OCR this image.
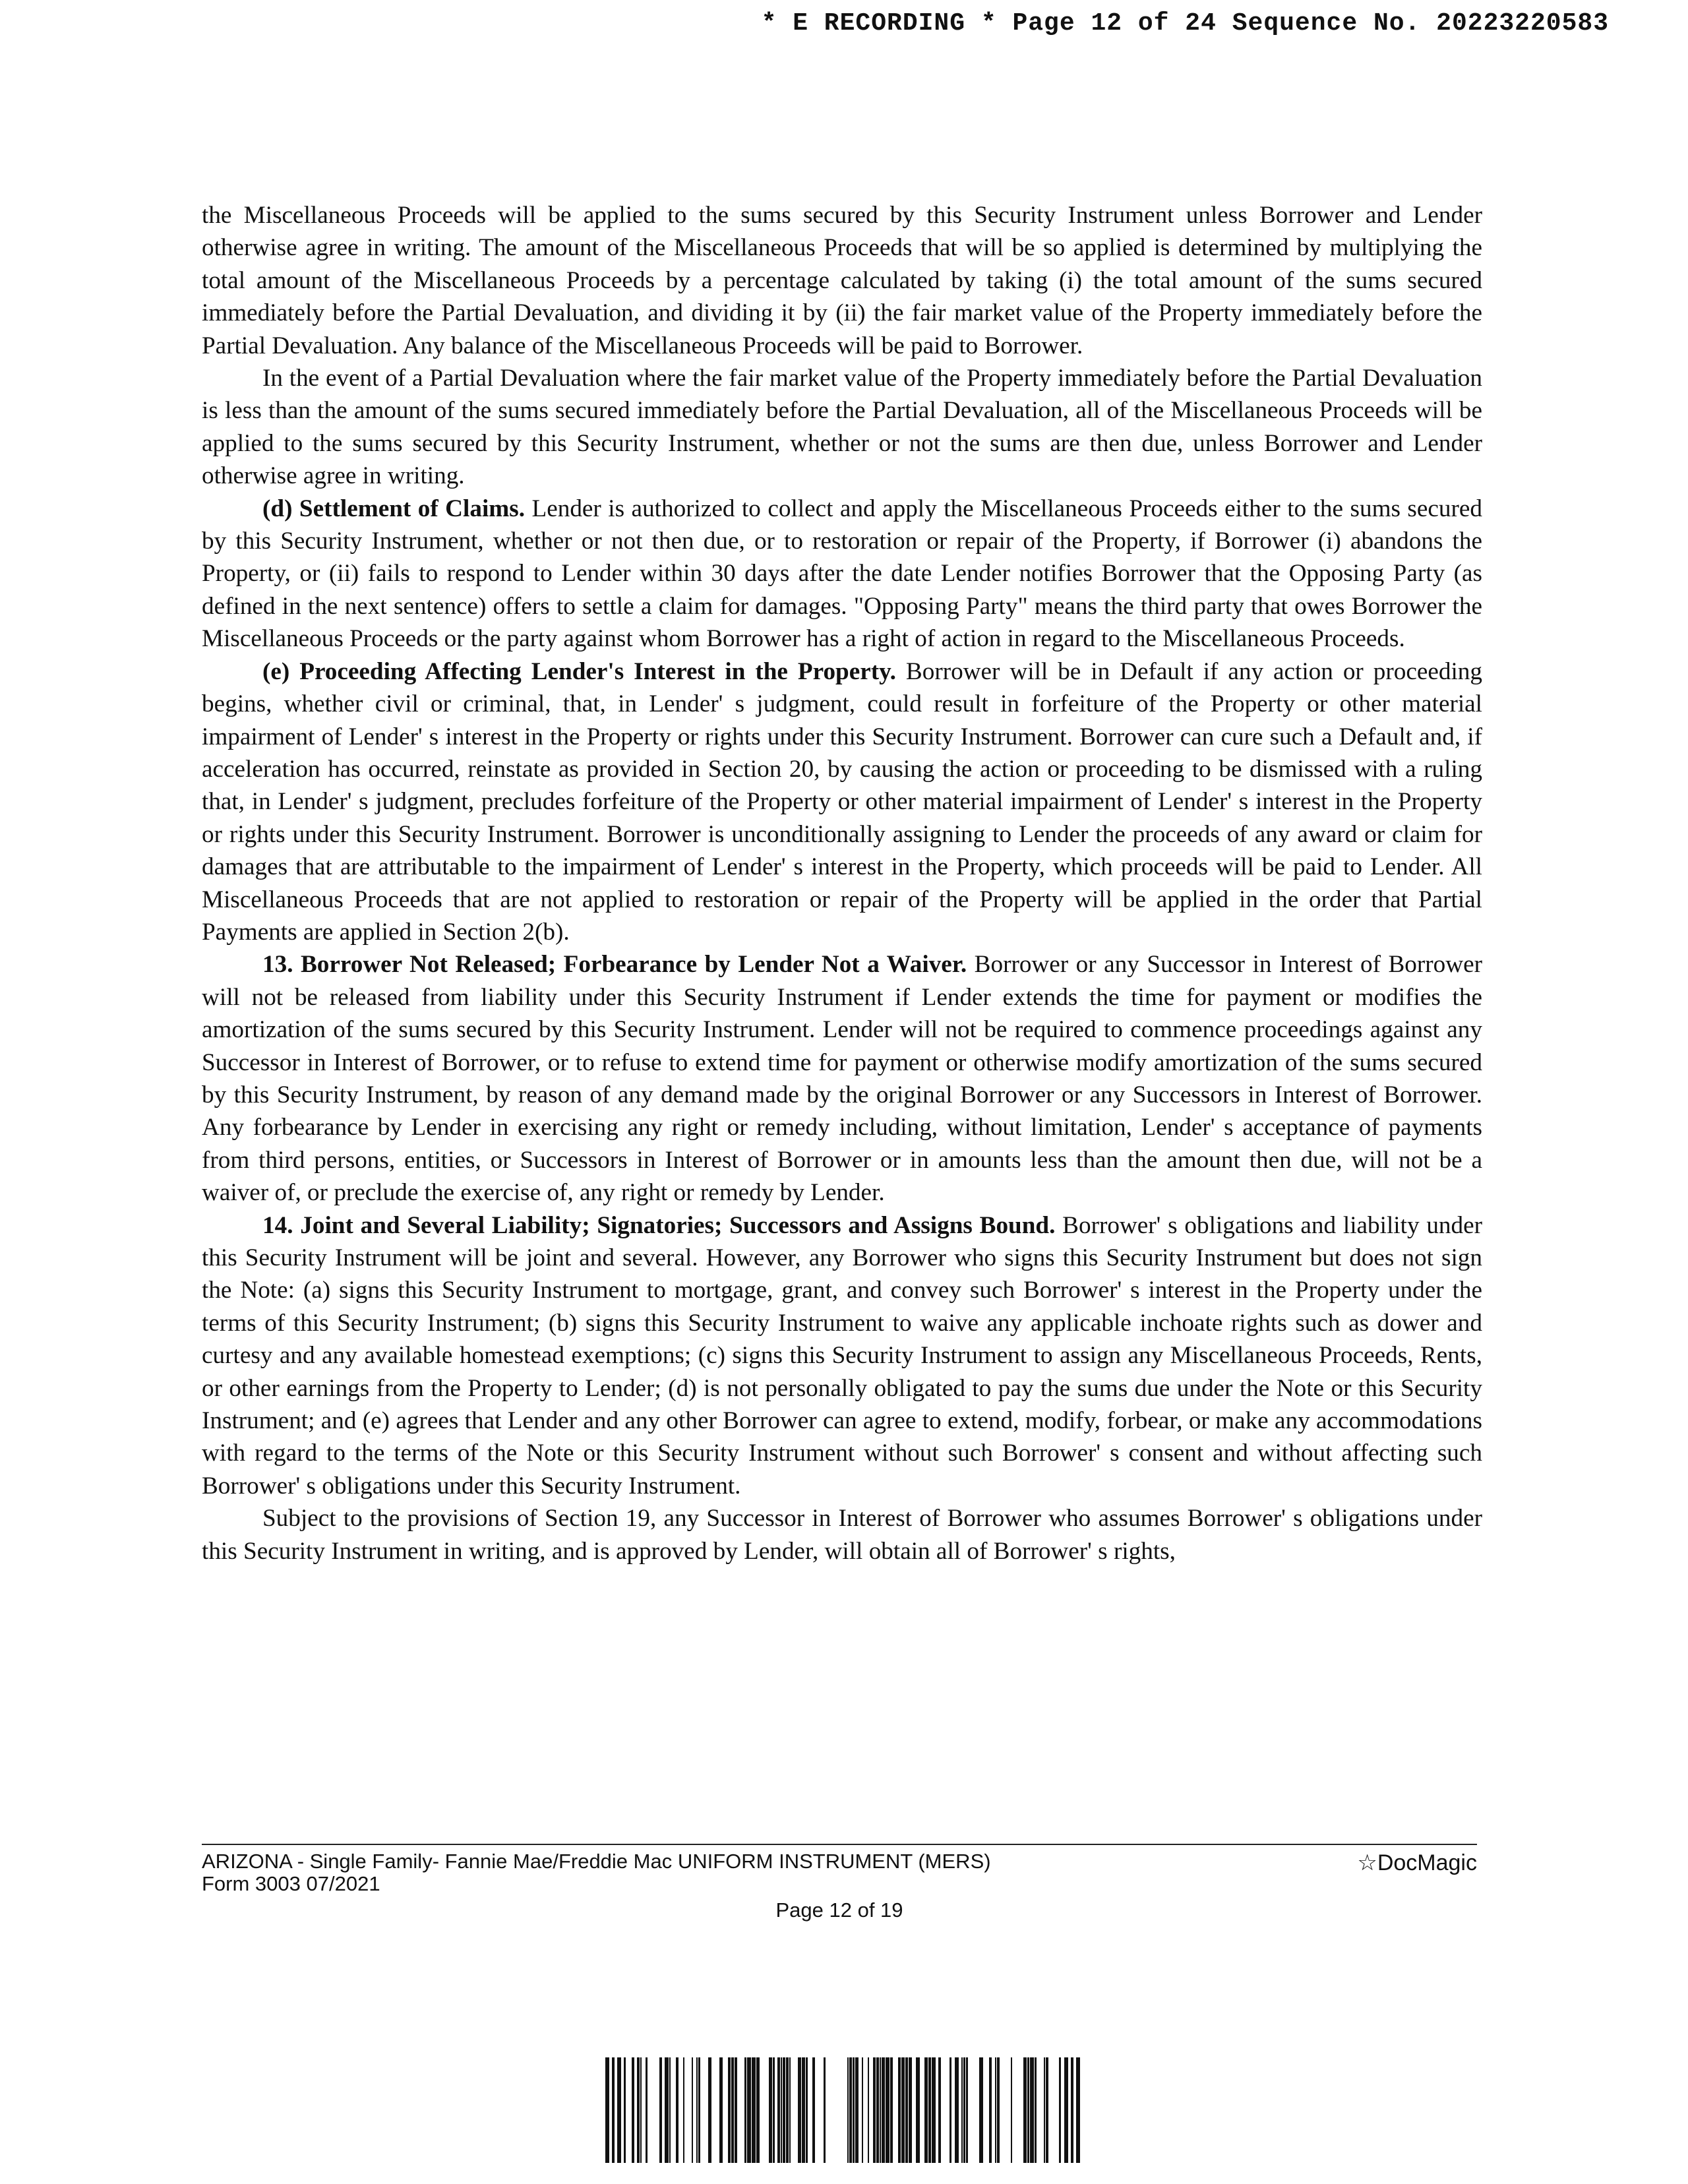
* E RECORDING * Page 12 of 24 Sequence No. 20223220583

the Miscellaneous Proceeds will be applied to the sums secured by this Security Instrument unless Borrower and Lender otherwise agree in writing. The amount of the Miscellaneous Proceeds that will be so applied is determined by multiplying the total amount of the Miscellaneous Proceeds by a percentage calculated by taking (i) the total amount of the sums secured immediately before the Partial Devaluation, and dividing it by (ii) the fair market value of the Property immediately before the Partial Devaluation. Any balance of the Miscellaneous Proceeds will be paid to Borrower.

In the event of a Partial Devaluation where the fair market value of the Property immediately before the Partial Devaluation is less than the amount of the sums secured immediately before the Partial Devaluation, all of the Miscellaneous Proceeds will be applied to the sums secured by this Security Instrument, whether or not the sums are then due, unless Borrower and Lender otherwise agree in writing.

(d) Settlement of Claims. Lender is authorized to collect and apply the Miscellaneous Proceeds either to the sums secured by this Security Instrument, whether or not then due, or to restoration or repair of the Property, if Borrower (i) abandons the Property, or (ii) fails to respond to Lender within 30 days after the date Lender notifies Borrower that the Opposing Party (as defined in the next sentence) offers to settle a claim for damages. "Opposing Party" means the third party that owes Borrower the Miscellaneous Proceeds or the party against whom Borrower has a right of action in regard to the Miscellaneous Proceeds.

(e) Proceeding Affecting Lender's Interest in the Property. Borrower will be in Default if any action or proceeding begins, whether civil or criminal, that, in Lender' s judgment, could result in forfeiture of the Property or other material impairment of Lender' s interest in the Property or rights under this Security Instrument. Borrower can cure such a Default and, if acceleration has occurred, reinstate as provided in Section 20, by causing the action or proceeding to be dismissed with a ruling that, in Lender' s judgment, precludes forfeiture of the Property or other material impairment of Lender' s interest in the Property or rights under this Security Instrument. Borrower is unconditionally assigning to Lender the proceeds of any award or claim for damages that are attributable to the impairment of Lender' s interest in the Property, which proceeds will be paid to Lender. All Miscellaneous Proceeds that are not applied to restoration or repair of the Property will be applied in the order that Partial Payments are applied in Section 2(b).

13. Borrower Not Released; Forbearance by Lender Not a Waiver. Borrower or any Successor in Interest of Borrower will not be released from liability under this Security Instrument if Lender extends the time for payment or modifies the amortization of the sums secured by this Security Instrument. Lender will not be required to commence proceedings against any Successor in Interest of Borrower, or to refuse to extend time for payment or otherwise modify amortization of the sums secured by this Security Instrument, by reason of any demand made by the original Borrower or any Successors in Interest of Borrower. Any forbearance by Lender in exercising any right or remedy including, without limitation, Lender' s acceptance of payments from third persons, entities, or Successors in Interest of Borrower or in amounts less than the amount then due, will not be a waiver of, or preclude the exercise of, any right or remedy by Lender.

14. Joint and Several Liability; Signatories; Successors and Assigns Bound. Borrower' s obligations and liability under this Security Instrument will be joint and several. However, any Borrower who signs this Security Instrument but does not sign the Note: (a) signs this Security Instrument to mortgage, grant, and convey such Borrower' s interest in the Property under the terms of this Security Instrument; (b) signs this Security Instrument to waive any applicable inchoate rights such as dower and curtesy and any available homestead exemptions; (c) signs this Security Instrument to assign any Miscellaneous Proceeds, Rents, or other earnings from the Property to Lender; (d) is not personally obligated to pay the sums due under the Note or this Security Instrument; and (e) agrees that Lender and any other Borrower can agree to extend, modify, forbear, or make any accommodations with regard to the terms of the Note or this Security Instrument without such Borrower' s consent and without affecting such Borrower' s obligations under this Security Instrument.

Subject to the provisions of Section 19, any Successor in Interest of Borrower who assumes Borrower' s obligations under this Security Instrument in writing, and is approved by Lender, will obtain all of Borrower' s rights,

ARIZONA - Single Family- Fannie Mae/Freddie Mac UNIFORM INSTRUMENT (MERS)
Form 3003 07/2021
Page 12 of 19
☆DocMagic
